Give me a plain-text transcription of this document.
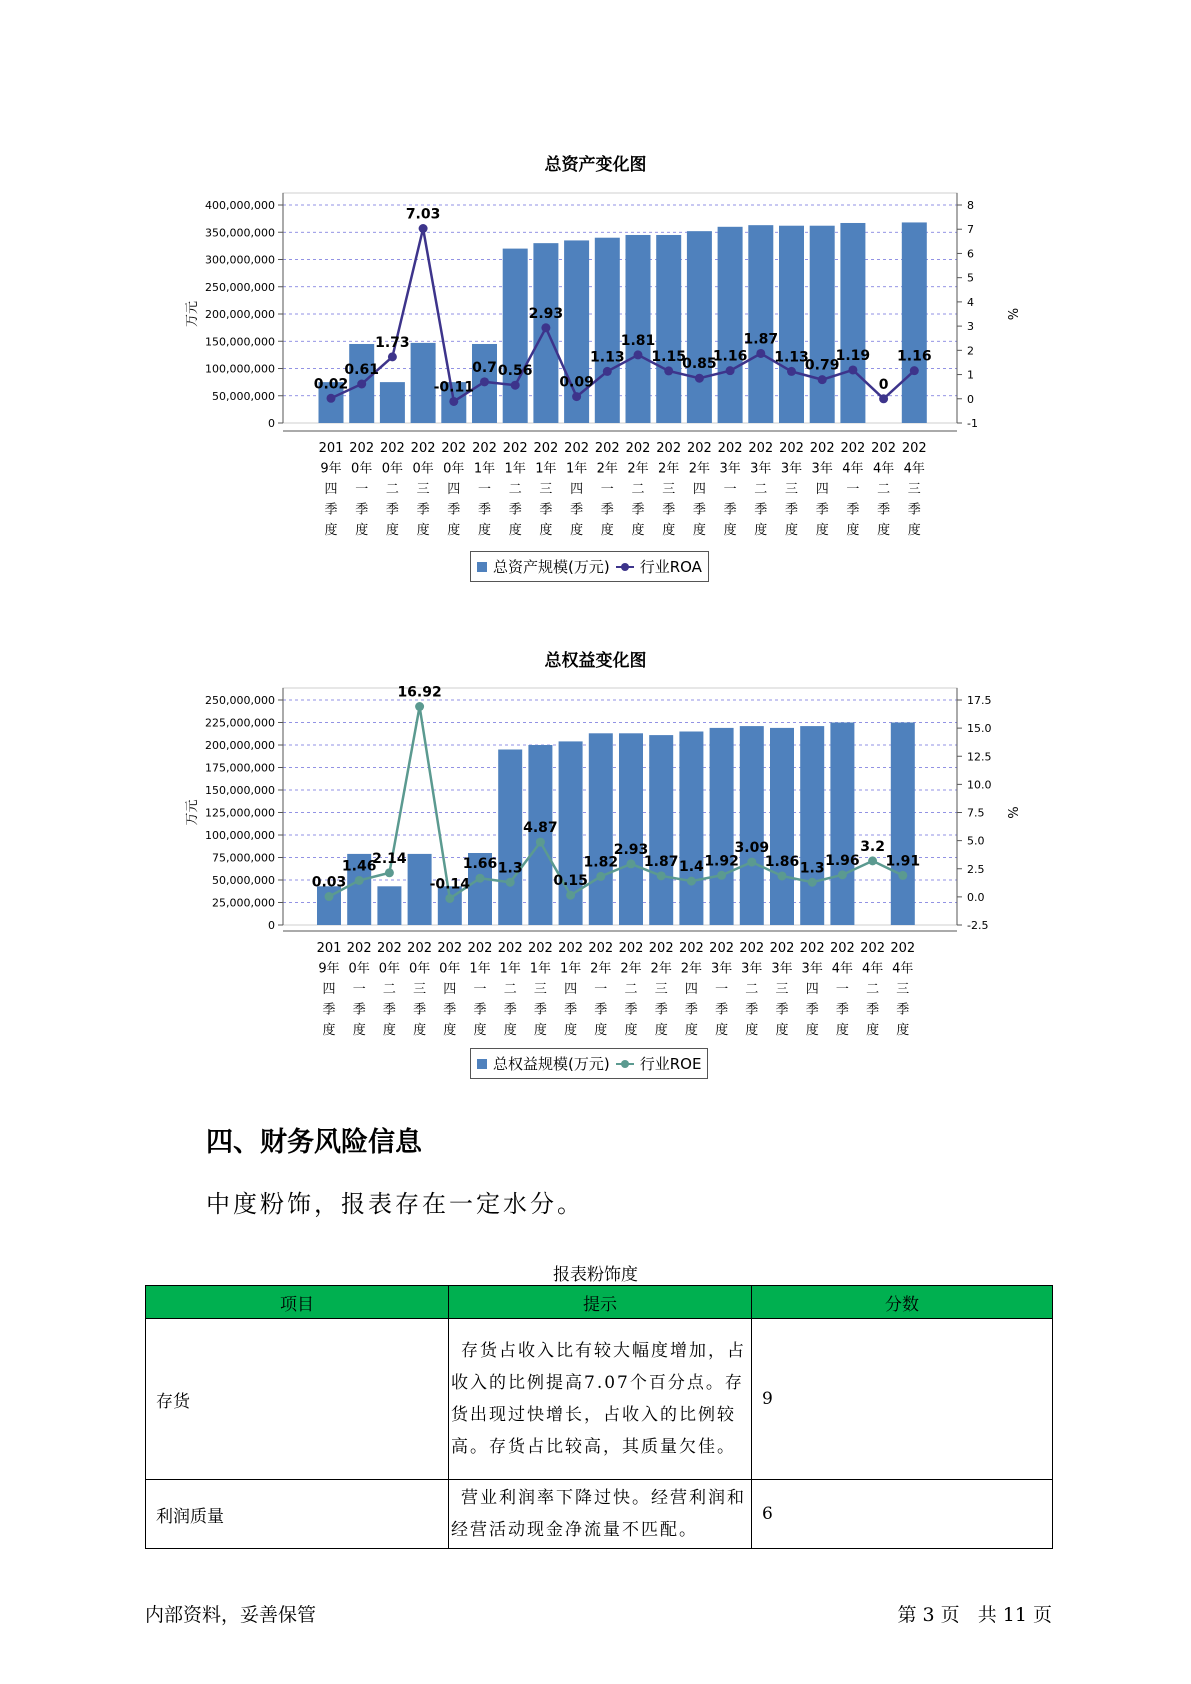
总资产变化图
0
50,000,000
100,000,000
150,000,000
200,000,000
250,000,000
300,000,000
350,000,000
400,000,000
-1
0
1
2
3
4
5
6
7
8
万元	%
201 9年四季度
202 0年一季度
202 0年二季度
202 0年三季度
202 0年四季度
202 1年一季度
202 1年二季度
202 1年三季度
202 1年四季度
202 2年一季度
202 2年二季度
202 2年三季度
202 2年四季度
202 3年一季度
202 3年二季度
202 3年三季度
202 3年四季度
202 4年一季度
202 4年二季度
202 4年三季度
0.02
0.61
1.73
7.03
-0.11
0.7 0.56
2.93
0.09
1.13
1.81
1.15
0.85
1.16
1.87
1.13
0.79
1.19
0
1.16
总资产规模(万元) 行业ROA
总权益变化图
0
25,000,000
50,000,000
75,000,000
100,000,000
125,000,000
150,000,000
175,000,000
200,000,000
225,000,000
250,000,000
-2.5
0.0
2.5
5.0
7.5
10.0
12.5
15.0
17.5
万元	%
201 9年四季度
202 0年一季度
202 0年二季度
202 0年三季度
202 0年四季度
202 1年一季度
202 1年二季度
202 1年三季度
202 1年四季度
202 2年一季度
202 2年二季度
202 2年三季度
202 2年四季度
202 3年一季度
202 3年二季度
202 3年三季度
202 3年四季度
202 4年一季度
202 4年二季度
202 4年三季度
0.03
1.46
2.14
16.92
-0.14
1.66 1.3
4.87
0.15
1.82
2.93
1.87 1.4 1.92
3.09
1.86 1.3 1.96
3.2
1.91
总权益规模(万元) 行业ROE
四、财务风险信息
中度粉饰，报表存在一定水分。
报表粉饰度
项目	提示	分数
存货	存货占收入比有较大幅度增加，占收入的比例提高7.07个百分点。存货出现过快增长，占收入的比例较高。存货占比较高，其质量欠佳。	9
利润质量	营业利润率下降过快。经营利润和经营活动现金净流量不匹配。	6
内部资料，妥善保管	第 3 页   共 11 页
